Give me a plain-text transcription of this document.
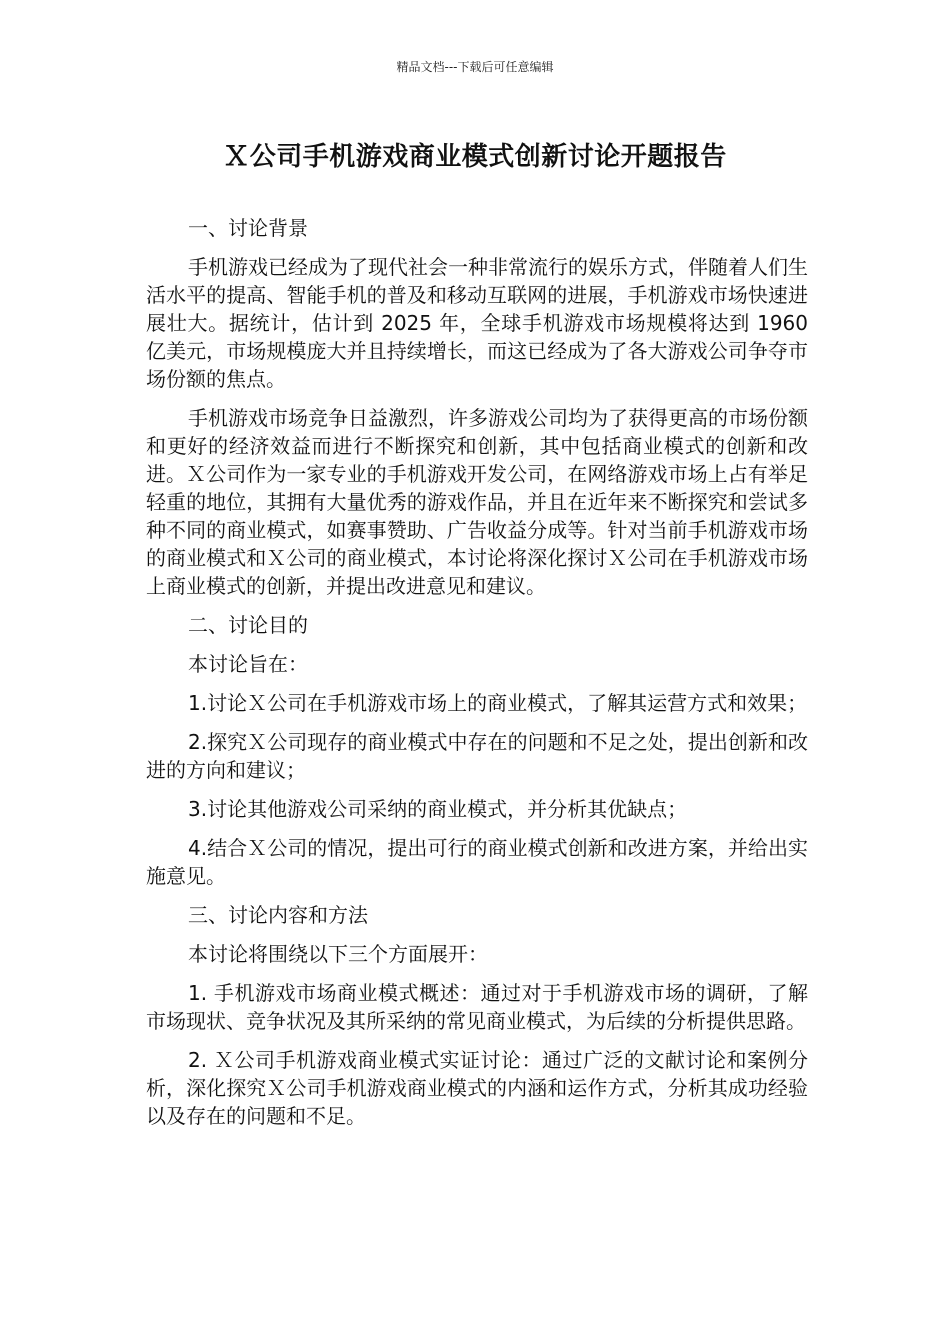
精品文档---下载后可任意编辑
Ｘ公司手机游戏商业模式创新讨论开题报告

一、讨论背景

手机游戏已经成为了现代社会一种非常流行的娱乐方式，伴随着人们生活水平的提高、智能手机的普及和移动互联网的进展，手机游戏市场快速进展壮大。据统计，估计到 2025 年，全球手机游戏市场规模将达到 1960 亿美元，市场规模庞大并且持续增长，而这已经成为了各大游戏公司争夺市场份额的焦点。

手机游戏市场竞争日益激烈，许多游戏公司均为了获得更高的市场份额和更好的经济效益而进行不断探究和创新，其中包括商业模式的创新和改进。Ｘ公司作为一家专业的手机游戏开发公司，在网络游戏市场上占有举足轻重的地位，其拥有大量优秀的游戏作品，并且在近年来不断探究和尝试多种不同的商业模式，如赛事赞助、广告收益分成等。针对当前手机游戏市场的商业模式和Ｘ公司的商业模式，本讨论将深化探讨Ｘ公司在手机游戏市场上商业模式的创新，并提出改进意见和建议。

二、讨论目的

本讨论旨在：

1.讨论Ｘ公司在手机游戏市场上的商业模式，了解其运营方式和效果；

2.探究Ｘ公司现存的商业模式中存在的问题和不足之处，提出创新和改进的方向和建议；

3.讨论其他游戏公司采纳的商业模式，并分析其优缺点；

4.结合Ｘ公司的情况，提出可行的商业模式创新和改进方案，并给出实施意见。

三、讨论内容和方法

本讨论将围绕以下三个方面展开：

1. 手机游戏市场商业模式概述：通过对于手机游戏市场的调研，了解市场现状、竞争状况及其所采纳的常见商业模式，为后续的分析提供思路。

2. Ｘ公司手机游戏商业模式实证讨论：通过广泛的文献讨论和案例分析，深化探究Ｘ公司手机游戏商业模式的内涵和运作方式，分析其成功经验以及存在的问题和不足。
